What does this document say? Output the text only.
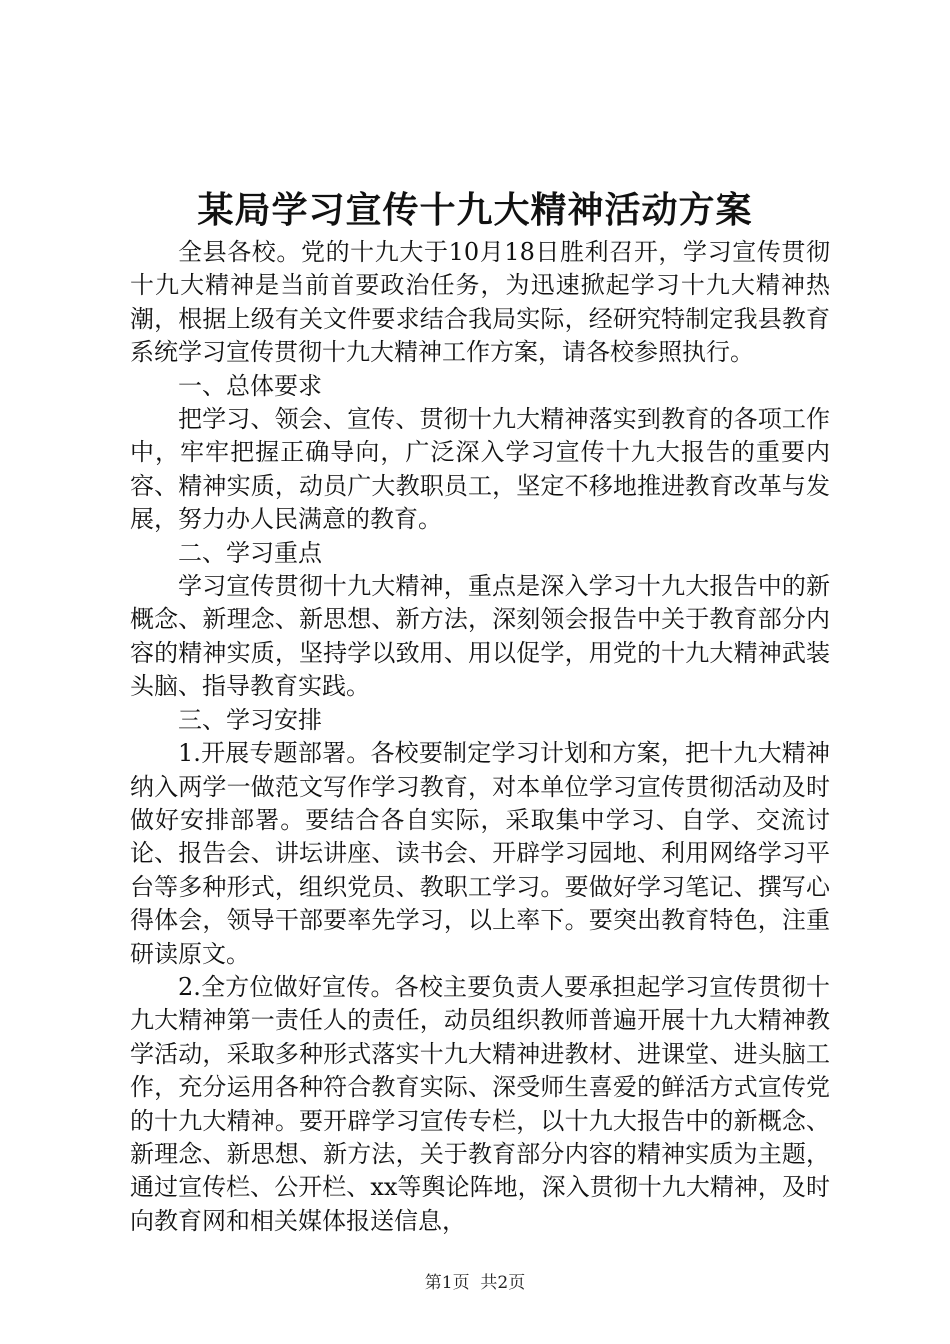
某局学习宣传十九大精神活动方案

全县各校。党的十九大于10月18日胜利召开，学习宣传贯彻十九大精神是当前首要政治任务，为迅速掀起学习十九大精神热潮，根据上级有关文件要求结合我局实际，经研究特制定我县教育系统学习宣传贯彻十九大精神工作方案，请各校参照执行。

一、总体要求

把学习、领会、宣传、贯彻十九大精神落实到教育的各项工作中，牢牢把握正确导向，广泛深入学习宣传十九大报告的重要内容、精神实质，动员广大教职员工，坚定不移地推进教育改革与发展，努力办人民满意的教育。

二、学习重点

学习宣传贯彻十九大精神，重点是深入学习十九大报告中的新概念、新理念、新思想、新方法，深刻领会报告中关于教育部分内容的精神实质，坚持学以致用、用以促学，用党的十九大精神武装头脑、指导教育实践。

三、学习安排

1.开展专题部署。各校要制定学习计划和方案，把十九大精神纳入两学一做范文写作学习教育，对本单位学习宣传贯彻活动及时做好安排部署。要结合各自实际，采取集中学习、自学、交流讨论、报告会、讲坛讲座、读书会、开辟学习园地、利用网络学习平台等多种形式，组织党员、教职工学习。要做好学习笔记、撰写心得体会，领导干部要率先学习，以上率下。要突出教育特色，注重研读原文。

2.全方位做好宣传。各校主要负责人要承担起学习宣传贯彻十九大精神第一责任人的责任，动员组织教师普遍开展十九大精神教学活动，采取多种形式落实十九大精神进教材、进课堂、进头脑工作，充分运用各种符合教育实际、深受师生喜爱的鲜活方式宣传党的十九大精神。要开辟学习宣传专栏，以十九大报告中的新概念、新理念、新思想、新方法，关于教育部分内容的精神实质为主题，通过宣传栏、公开栏、xx等舆论阵地，深入贯彻十九大精神，及时向教育网和相关媒体报送信息，

第1页 共2页
